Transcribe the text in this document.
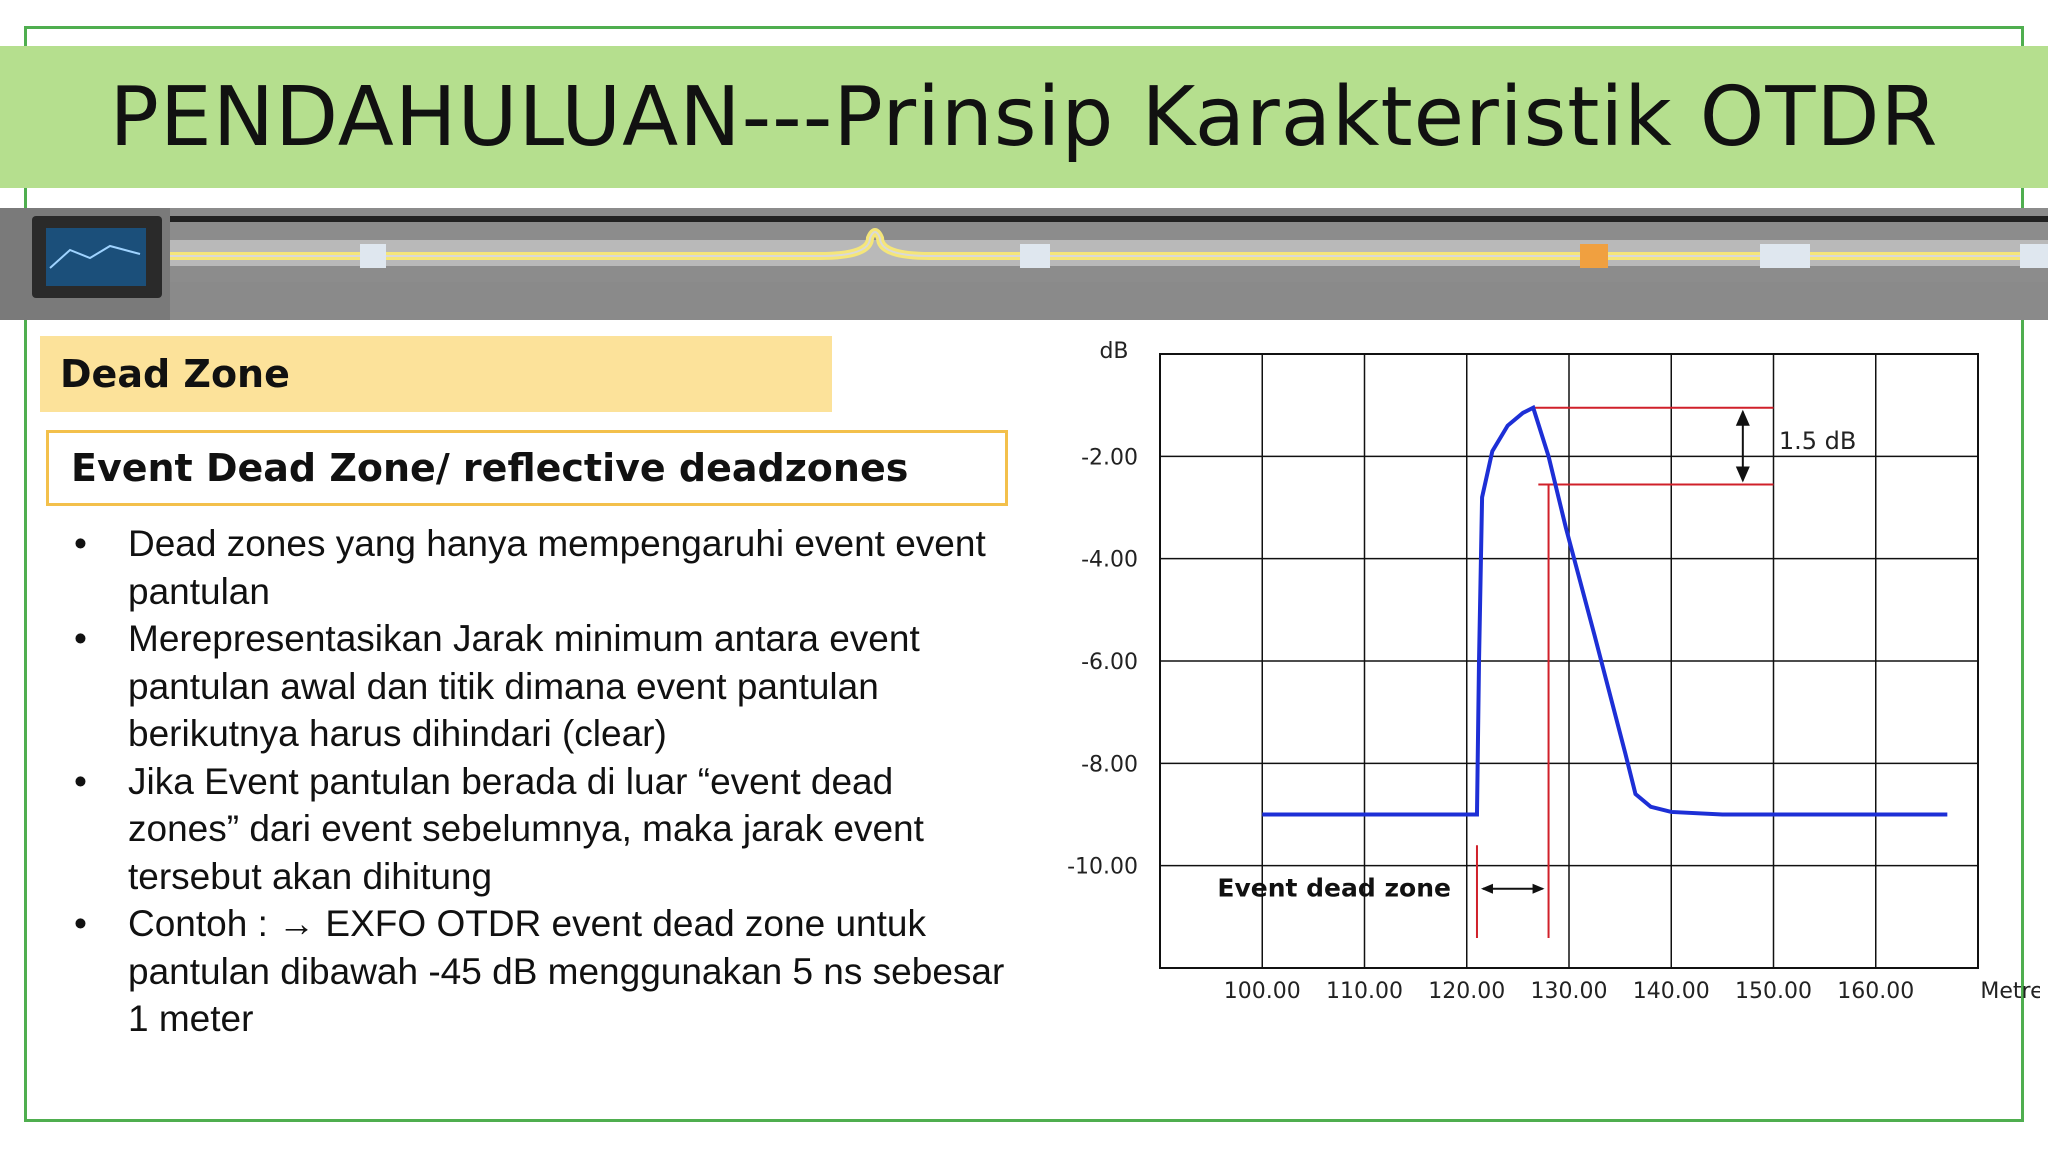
PENDAHULUAN---Prinsip Karakteristik OTDR
Dead Zone
Event Dead Zone/ reflective deadzones
• Dead zones yang hanya mempengaruhi event event pantulan
• Merepresentasikan Jarak minimum antara event pantulan awal dan titik dimana event pantulan berikutnya harus dihindari (clear)
• Jika Event pantulan berada di luar “event dead zones” dari event sebelumnya, maka jarak event tersebut akan dihitung
• Contoh : → EXFO OTDR event dead zone untuk pantulan dibawah -45 dB menggunakan 5 ns sebesar 1 meter
100.00 110.00 120.00 130.00 140.00 150.00 160.00
-2.00
-4.00
-6.00
-8.00
-10.00
dB
Metre
1.5 dB
Event dead zone
